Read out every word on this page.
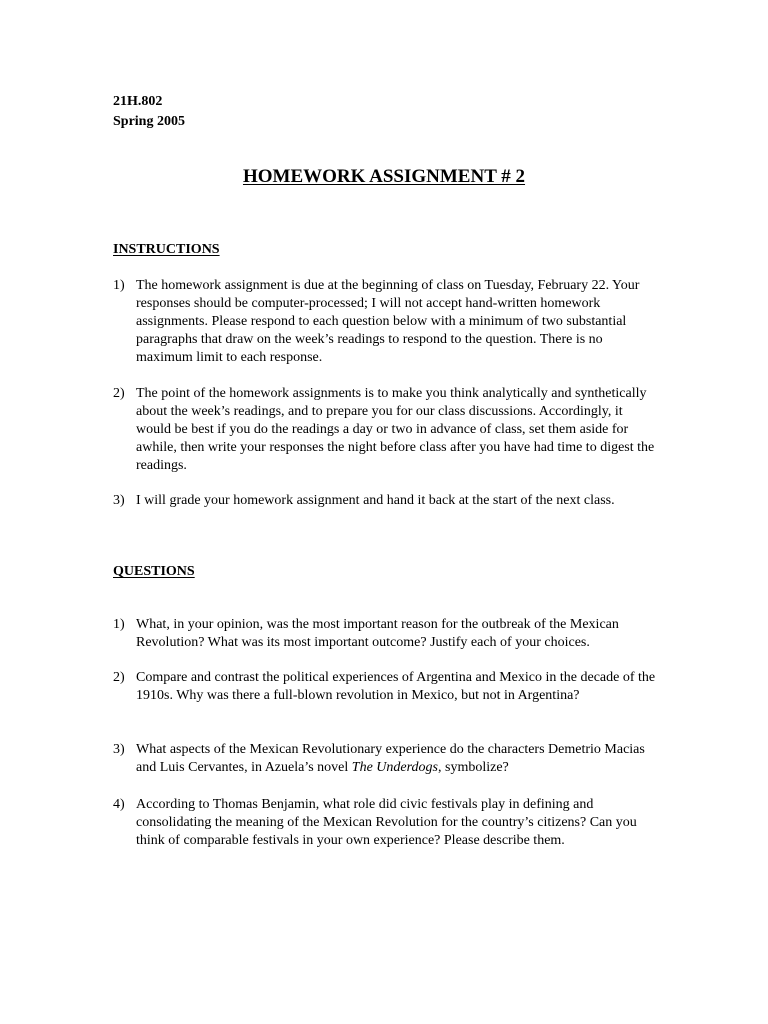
21H.802
Spring 2005
HOMEWORK ASSIGNMENT # 2
INSTRUCTIONS
1) The homework assignment is due at the beginning of class on Tuesday, February 22. Your responses should be computer-processed; I will not accept hand-written homework assignments. Please respond to each question below with a minimum of two substantial paragraphs that draw on the week’s readings to respond to the question. There is no maximum limit to each response.
2) The point of the homework assignments is to make you think analytically and synthetically about the week’s readings, and to prepare you for our class discussions. Accordingly, it would be best if you do the readings a day or two in advance of class, set them aside for awhile, then write your responses the night before class after you have had time to digest the readings.
3) I will grade your homework assignment and hand it back at the start of the next class.
QUESTIONS
1) What, in your opinion, was the most important reason for the outbreak of the Mexican Revolution? What was its most important outcome? Justify each of your choices.
2) Compare and contrast the political experiences of Argentina and Mexico in the decade of the 1910s. Why was there a full-blown revolution in Mexico, but not in Argentina?
3) What aspects of the Mexican Revolutionary experience do the characters Demetrio Macias and Luis Cervantes, in Azuela’s novel The Underdogs, symbolize?
4) According to Thomas Benjamin, what role did civic festivals play in defining and consolidating the meaning of the Mexican Revolution for the country’s citizens? Can you think of comparable festivals in your own experience? Please describe them.
